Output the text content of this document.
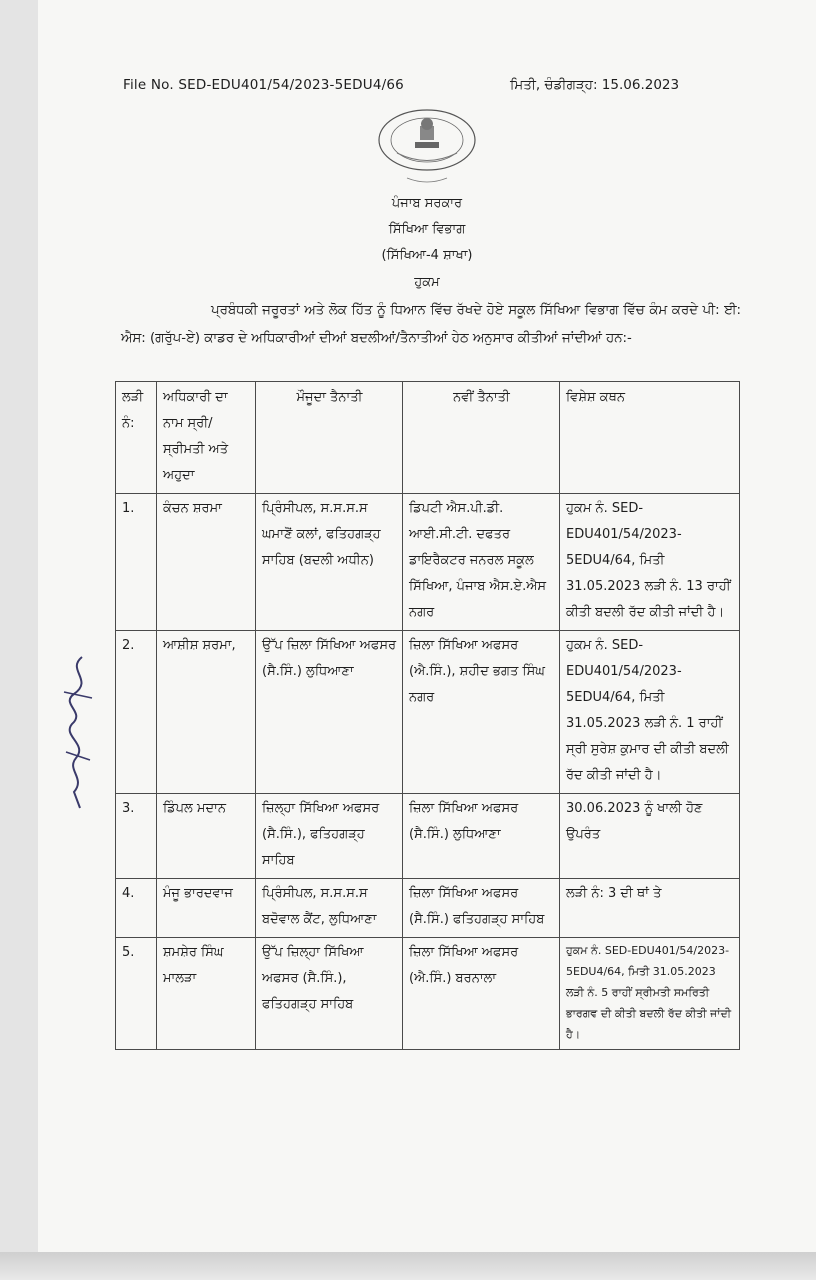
File No. SED-EDU401/54/2023-5EDU4/66	ਮਿਤੀ, ਚੰਡੀਗੜ੍ਹ: 15.06.2023
ਪੰਜਾਬ ਸਰਕਾਰ
ਸਿੱਖਿਆ ਵਿਭਾਗ
(ਸਿੱਖਿਆ-4 ਸ਼ਾਖਾ)
ਹੁਕਮ
ਪ੍ਰਬੰਧਕੀ ਜਰੂਰਤਾਂ ਅਤੇ ਲੋਕ ਹਿੱਤ ਨੂੰ ਧਿਆਨ ਵਿੱਚ ਰੱਖਦੇ ਹੋਏ ਸਕੂਲ ਸਿੱਖਿਆ ਵਿਭਾਗ ਵਿੱਚ ਕੰਮ ਕਰਦੇ ਪੀ: ਈ: ਐਸ: (ਗਰੁੱਪ-ਏ) ਕਾਡਰ ਦੇ ਅਧਿਕਾਰੀਆਂ ਦੀਆਂ ਬਦਲੀਆਂ/ਤੈਨਾਤੀਆਂ ਹੇਠ ਅਨੁਸਾਰ ਕੀਤੀਆਂ ਜਾਂਦੀਆਂ ਹਨ:-
ਲੜੀ ਨੰ:	ਅਧਿਕਾਰੀ ਦਾ ਨਾਮ ਸ੍ਰੀ/ਸ੍ਰੀਮਤੀ ਅਤੇ ਅਹੁਦਾ	ਮੌਜੂਦਾ ਤੈਨਾਤੀ	ਨਵੀਂ ਤੈਨਾਤੀ	ਵਿਸ਼ੇਸ਼ ਕਥਨ
1.	ਕੰਚਨ ਸ਼ਰਮਾ	ਪ੍ਰਿੰਸੀਪਲ, ਸ.ਸ.ਸ.ਸ ਘਮਾਣੋਂ ਕਲਾਂ, ਫਤਿਹਗੜ੍ਹ ਸਾਹਿਬ (ਬਦਲੀ ਅਧੀਨ)	ਡਿਪਟੀ ਐਸ.ਪੀ.ਡੀ. ਆਈ.ਸੀ.ਟੀ. ਦਫਤਰ ਡਾਇਰੈਕਟਰ ਜਨਰਲ ਸਕੂਲ ਸਿੱਖਿਆ, ਪੰਜਾਬ ਐਸ.ਏ.ਐਸ ਨਗਰ	ਹੁਕਮ ਨੰ. SED-EDU401/54/2023-5EDU4/64, ਮਿਤੀ 31.05.2023 ਲੜੀ ਨੰ. 13 ਰਾਹੀਂ ਕੀਤੀ ਬਦਲੀ ਰੱਦ ਕੀਤੀ ਜਾਂਦੀ ਹੈ।
2.	ਆਸ਼ੀਸ਼ ਸ਼ਰਮਾ,	ਉੱਪ ਜ਼ਿਲਾ ਸਿੱਖਿਆ ਅਫਸਰ (ਸੈ.ਸਿੰ.) ਲੁਧਿਆਣਾ	ਜ਼ਿਲਾ ਸਿੱਖਿਆ ਅਫਸਰ (ਐ.ਸਿੰ.), ਸ਼ਹੀਦ ਭਗਤ ਸਿੰਘ ਨਗਰ	ਹੁਕਮ ਨੰ. SED-EDU401/54/2023-5EDU4/64, ਮਿਤੀ 31.05.2023 ਲੜੀ ਨੰ. 1 ਰਾਹੀਂ ਸ੍ਰੀ ਸੁਰੇਸ਼ ਕੁਮਾਰ ਦੀ ਕੀਤੀ ਬਦਲੀ ਰੱਦ ਕੀਤੀ ਜਾਂਦੀ ਹੈ।
3.	ਡਿੰਪਲ ਮਦਾਨ	ਜ਼ਿਲ੍ਹਾ ਸਿੱਖਿਆ ਅਫਸਰ (ਸੈ.ਸਿੰ.), ਫਤਿਹਗੜ੍ਹ ਸਾਹਿਬ	ਜ਼ਿਲਾ ਸਿੱਖਿਆ ਅਫਸਰ (ਸੈ.ਸਿੰ.) ਲੁਧਿਆਣਾ	30.06.2023 ਨੂੰ ਖਾਲੀ ਹੋਣ ਉਪਰੰਤ
4.	ਮੰਜੂ ਭਾਰਦਵਾਜ	ਪ੍ਰਿੰਸੀਪਲ, ਸ.ਸ.ਸ.ਸ ਬਦੋਵਾਲ ਕੈਂਟ, ਲੁਧਿਆਣਾ	ਜ਼ਿਲਾ ਸਿੱਖਿਆ ਅਫਸਰ (ਸੈ.ਸਿੰ.) ਫਤਿਹਗੜ੍ਹ ਸਾਹਿਬ	ਲੜੀ ਨੰ: 3 ਦੀ ਥਾਂ ਤੇ
5.	ਸ਼ਮਸ਼ੇਰ ਸਿੰਘ ਮਾਲੜਾ	ਉੱਪ ਜ਼ਿਲ੍ਹਾ ਸਿੱਖਿਆ ਅਫਸਰ (ਸੈ.ਸਿੰ.), ਫਤਿਹਗੜ੍ਹ ਸਾਹਿਬ	ਜ਼ਿਲਾ ਸਿੱਖਿਆ ਅਫਸਰ (ਐ.ਸਿੰ.) ਬਰਨਾਲਾ	ਹੁਕਮ ਨੰ. SED-EDU401/54/2023-5EDU4/64, ਮਿਤੀ 31.05.2023 ਲੜੀ ਨੰ. 5 ਰਾਹੀਂ ਸ੍ਰੀਮਤੀ ਸਮਰਿਤੀ ਭਾਰਗਵ ਦੀ ਕੀਤੀ ਬਦਲੀ ਰੱਦ ਕੀਤੀ ਜਾਂਦੀ ਹੈ।
